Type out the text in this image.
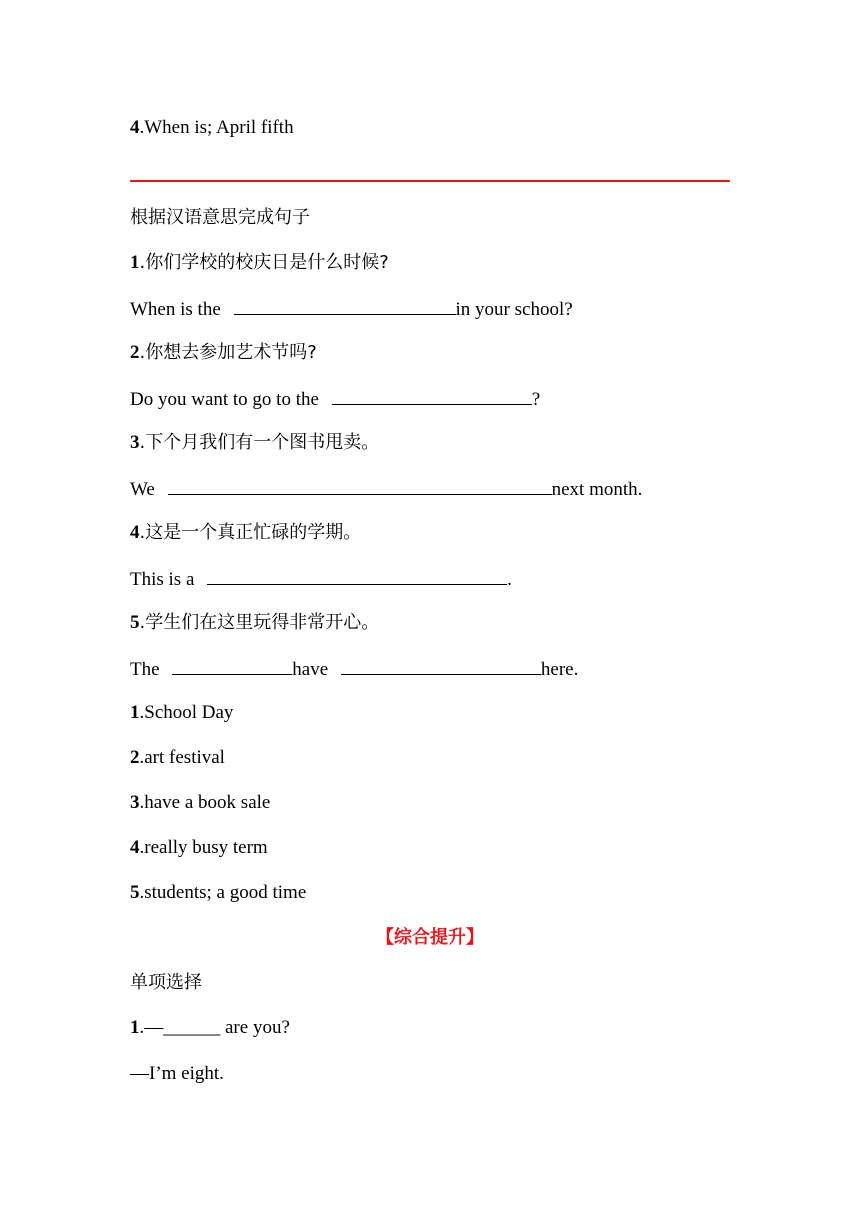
4.When is; April fifth
根据汉语意思完成句子
1.你们学校的校庆日是什么时候?
When is the	in your school?
2.你想去参加艺术节吗?
Do you want to go to the	?
3.下个月我们有一个图书甩卖。
We	next month.
4.这是一个真正忙碌的学期。
This is a	.
5.学生们在这里玩得非常开心。
The	have	here.
1.School Day
2.art festival
3.have a book sale
4.really busy term
5.students; a good time
【综合提升】
单项选择
1.—______ are you?
—I’m eight.
